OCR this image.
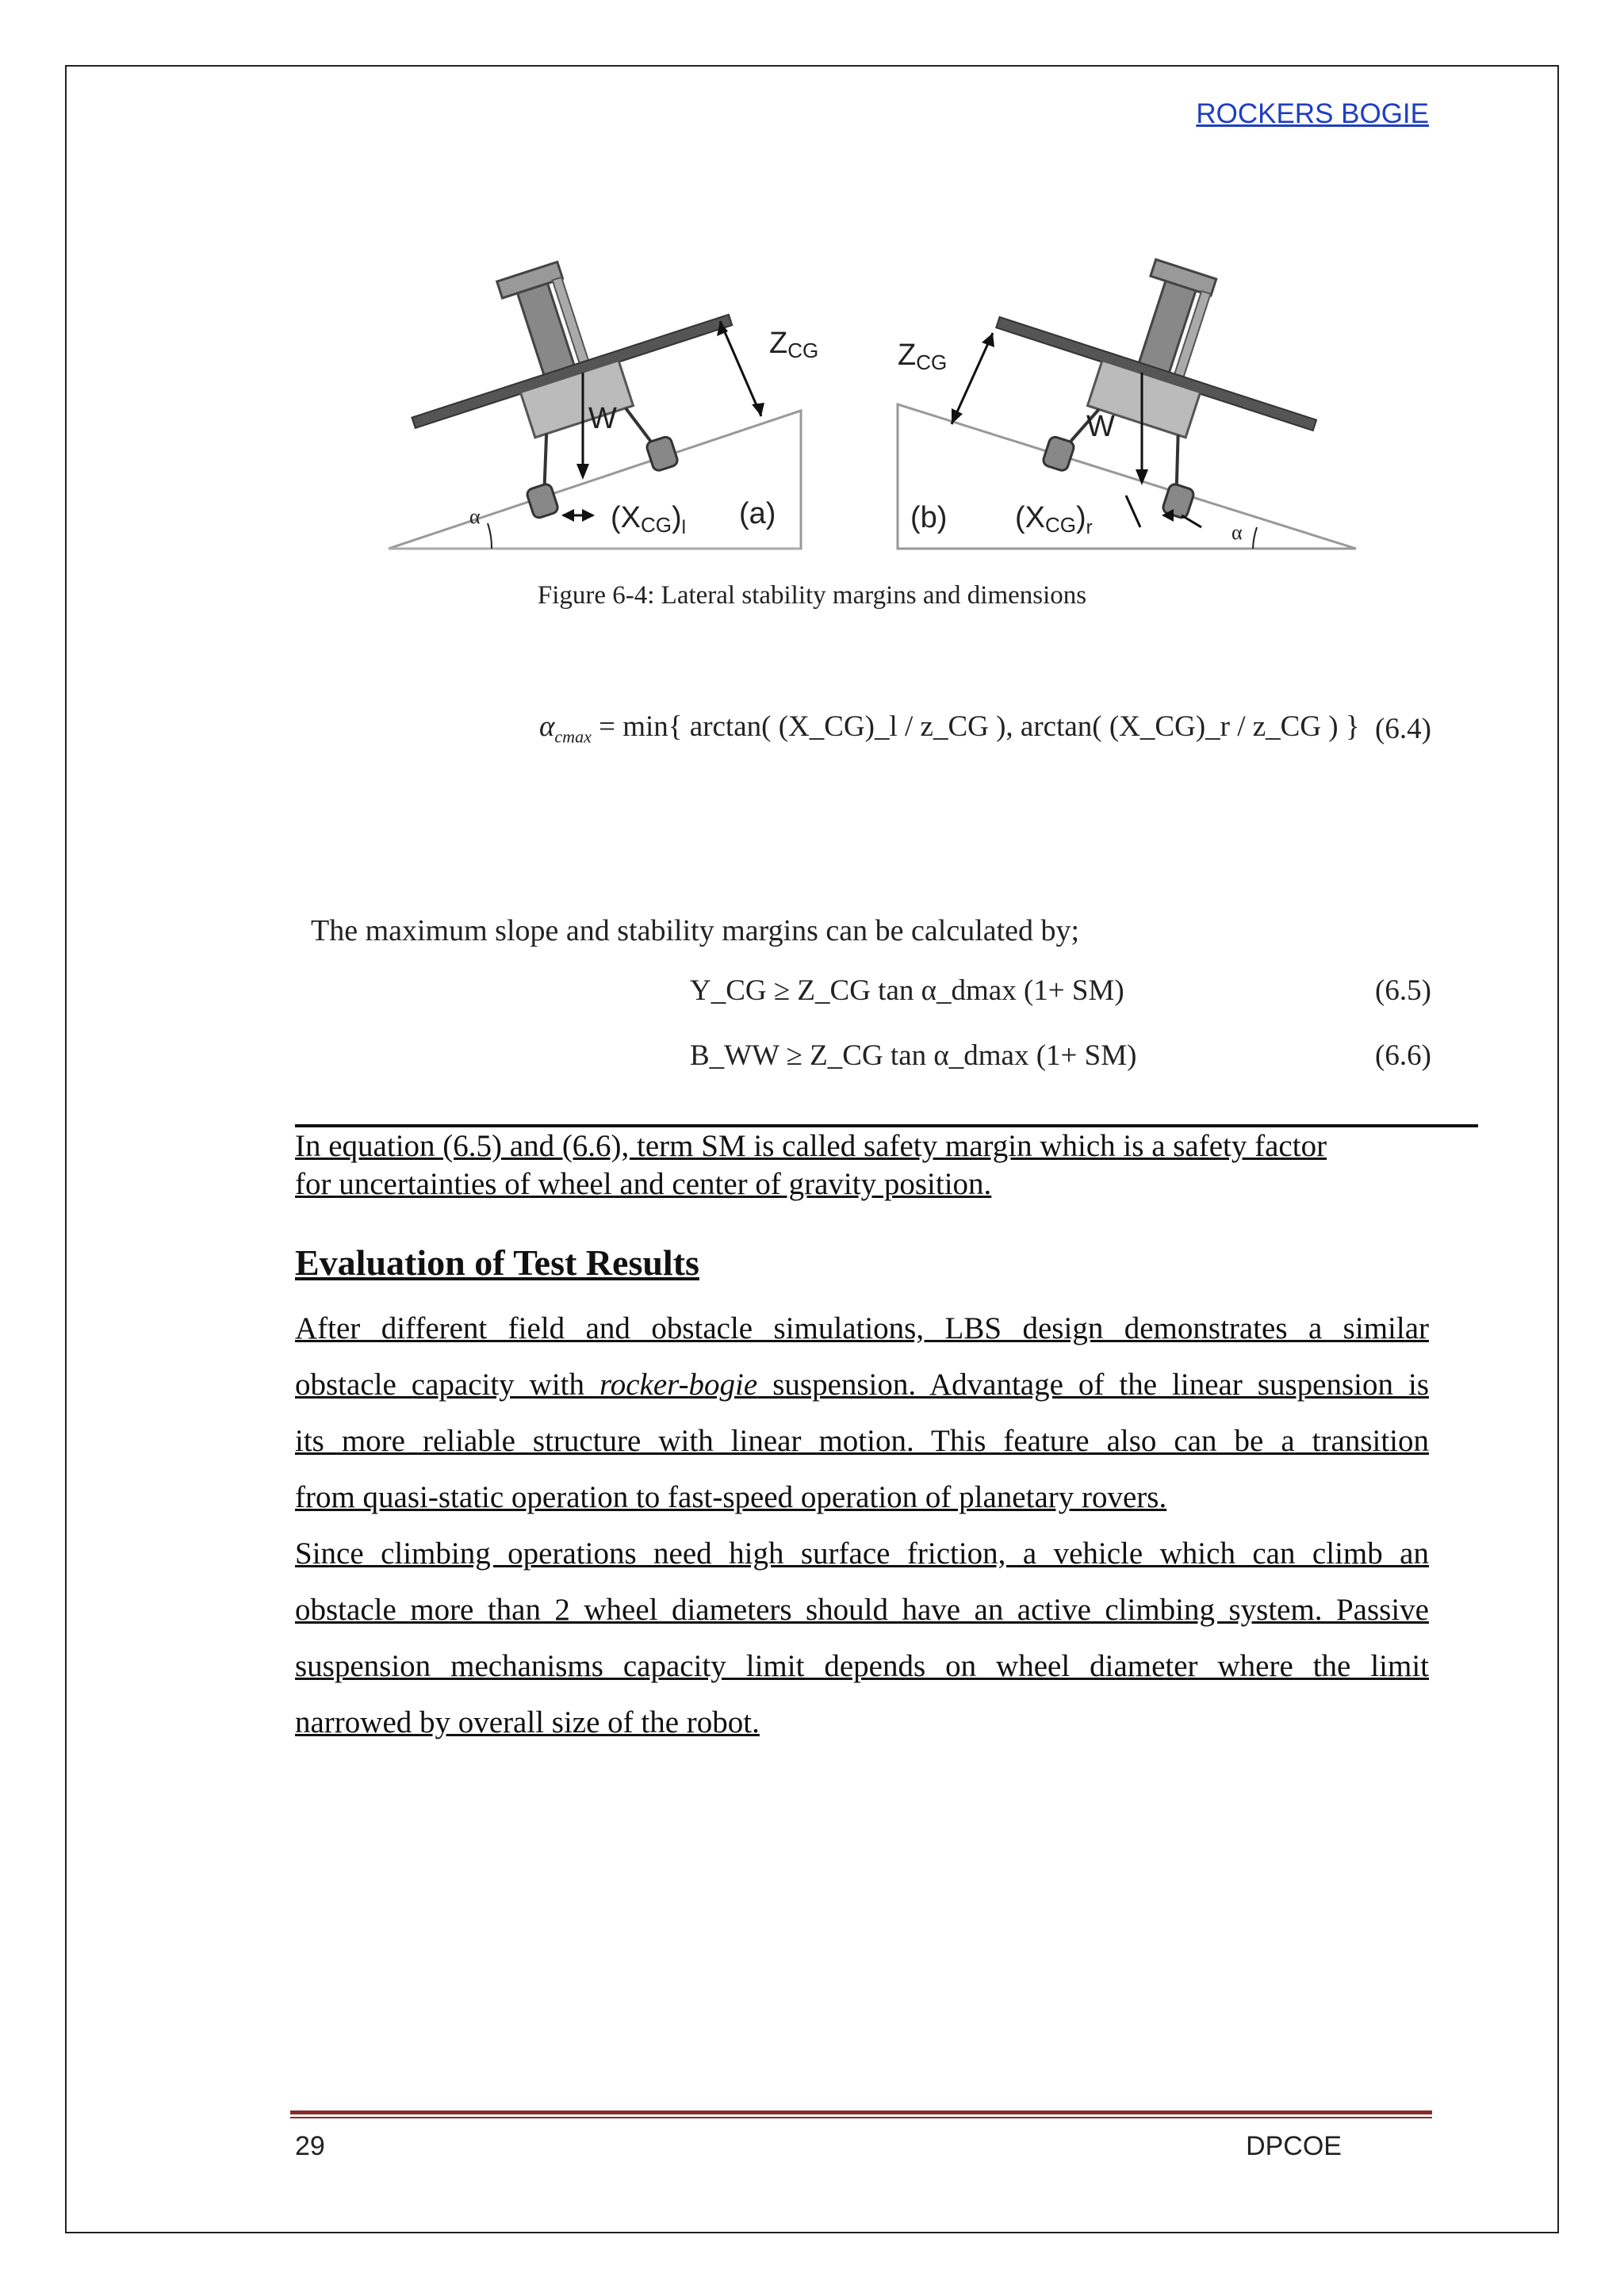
ROCKERS BOGIE
ZCG
W
α	$(XCG)_l$ (a)
ZCG
W
α
(b) $(XCG)_r$
Figure 6-4: Lateral stability margins and dimensions
$\alpha_{cmax} = \min${ arctan( (X_CG)_l / z_CG ), arctan( (X_CG)_r / z_CG ) } (6.4)
The maximum slope and stability margins can be calculated by;
Y_CG ≥ Z_CG tan α_dmax (1+ SM)	(6.5)
B_WW ≥ Z_CG tan α_dmax (1+ SM)	(6.6)
In equation (6.5) and (6.6), term SM is called safety margin which is a safety factor
for uncertainties of wheel and center of gravity position.
Evaluation of Test Results
After different field and obstacle simulations, LBS design demonstrates a similar
obstacle capacity with rocker-bogie suspension. Advantage of the linear suspension is
its more reliable structure with linear motion. This feature also can be a transition
from quasi-static operation to fast-speed operation of planetary rovers.
Since climbing operations need high surface friction, a vehicle which can climb an
obstacle more than 2 wheel diameters should have an active climbing system. Passive
suspension mechanisms capacity limit depends on wheel diameter where the limit
narrowed by overall size of the robot.
29	DPCOE
